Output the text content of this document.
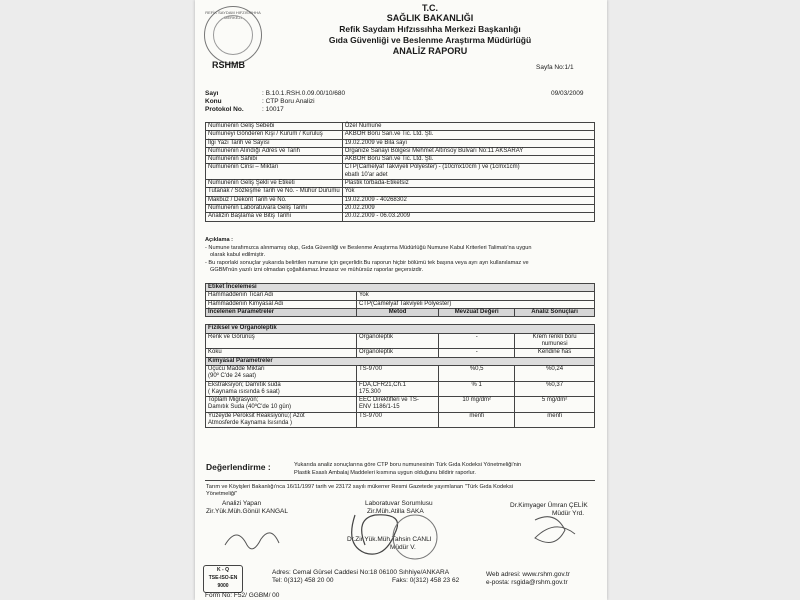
REFİK SAYDAM HIFZISSIHHA MERKEZİ
T.C.
SAĞLIK BAKANLIĞI
Refik Saydam Hıfzıssıhha Merkezi Başkanlığı
Gıda Güvenliği ve Beslenme Araştırma Müdürlüğü
ANALİZ RAPORU
RSHMB	Sayfa No:1/1
Sayı	: B.10.1.RSH.0.09.00/10/680	09/03/2009
Konu	: CTP Boru Analizi
Protokol No.	: 10017
Numunenin Geliş Sebebi	Özel Numune
Numuneyi Gönderen Kişi / Kurum / Kuruluş	AKBOR Boru San.ve Tic. Ltd. Şti.
İlgi Yazı Tarih ve Sayısı	19.02.2009 ve Bila sayı
Numunenin Alındığı Adres ve Tarih	Organize Sanayi Bölgesi Mehmet Altınsoy Bulvarı No:11 AKSARAY
Numunenin Sahibi	AKBOR Boru San.ve Tic. Ltd. Şti.
Numunenin Cinsi – Miktarı	CTP(Camelyaf Takviyeli Polyester) - (10cmx10cm ) ve (1cmx1cm)
ebatlı 10'ar adet
Numunenin Geliş Şekli ve Etiketi	Plastik torbada-Etiketsiz
Tutanak / Sözleşme Tarih ve No. - Mühür Durumu	Yok
Makbuz / Dekont Tarih ve No.	19.02.2009 - 40268302
Numunenin Laboratuvara Geliş Tarihi	20.02.2009
Analizin Başlama ve Bitiş Tarihi	20.02.2009 - 06.03.2009
Açıklama :
- Numune tarafımızca alınmamış olup, Gıda Güvenliği ve Beslenme Araştırma Müdürlüğü Numune Kabul Kriterleri Talimatı'na uygun
olarak kabul edilmiştir.
- Bu raporlaki sonuçlar yukarıda belirtilen numune için geçerlidir.Bu raporun hiçbir bölümü tek başına veya ayrı ayrı kullanılamaz ve
GGBM'nün yazılı izni olmadan çoğaltılamaz.İmzasız ve mühürsüz raporlar geçersizdir.
Etiket İncelemesi			
Hammaddenin Ticari Adı	Yok		
Hammaddenin Kimyasal Adı	CTP(Camelyaf Takviyeli Polyester)		
İncelenen Parametreler	Metod	Mevzuat Değeri	Analiz Sonuçları

Fiziksel ve Organoleptik			
Renk ve Görünüş	Organoleptik	-	Krem renkli boru
numunesi
Koku	Organoleptik	-	Kendine has
Kimyasal Parametreler			
Uçucu Madde Miktarı
(90º C'de 24 saat)	TS-9700	%0,5	%0,24
Ekstraksiyon; Damıtık suda
( Kaynama ısısında 6 saat)	FDA,CFR21,Ch.1
175.300	% 1	%0,37
Toplam Migrasyon;
Damıtık Suda (40ºC'de 10 gün)	EEC Direktifleri ve TS-
ENV 1186/1-15	10 mg/dm²	5 mg/dm²
Yüzeyde Peroksit Reaksiyonu;( Azot
Atmosferde Kaynama Isısında )	TS-9700	menfi	menfi
Değerlendirme :	Yukarıda analiz sonuçlarına göre CTP boru numunesinin Türk Gıda Kodeksi Yönetmeliği'nin
Plastik Esaslı Ambalaj Maddeleri kısmına uygun olduğunu bildirir raporlur.
Tarım ve Köyişleri Bakanlığı'nca 16/11/1997 tarih ve 23172 sayılı mükerrer Resmi Gazetede yayımlanan "Türk Gıda Kodeksi
Yönetmeliği"
Analizi Yapan
Zir.Yük.Müh.Gönül KANGAL
Laboratuvar Sorumlusu
Zir.Müh.Atilla SAKA
Dr.Kimyager Ümran ÇELİK
Müdür Yrd.
Dr.Zir.Yük.Müh.Tahsin CANLI
Müdür V.
K - Q
TSE-ISO-EN
9000
Adres: Cemal Gürsel Caddesi No:18 06100 Sıhhiye/ANKARA
Tel: 0(312) 458 20 00	Faks: 0(312) 458 23 62
Web adresi: www.rshm.gov.tr
e-posta: rsgida@rshm.gov.tr
Form No: F52/ GGBM/ 00
